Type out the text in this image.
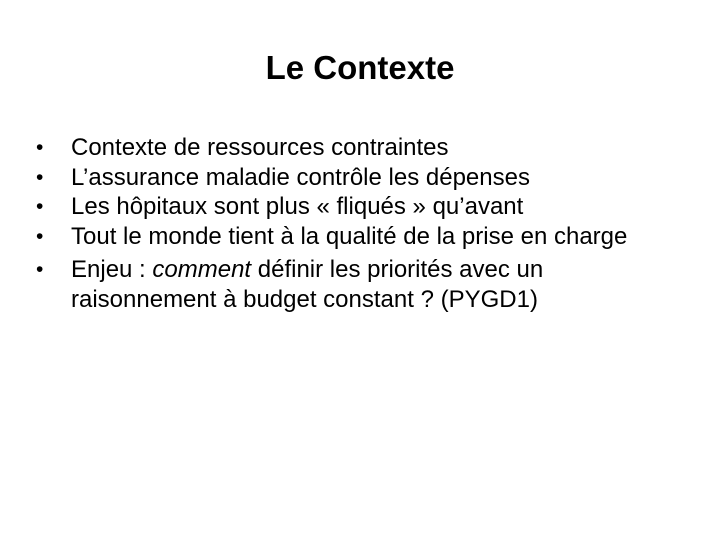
Le Contexte
•	Contexte de ressources contraintes
•	L’assurance maladie contrôle les dépenses
•	Les hôpitaux sont plus « fliqués » qu’avant
•	Tout le monde tient à la qualité de la prise en charge
•	Enjeu : comment définir les priorités avec un raisonnement à budget constant ? (PYGD1)
